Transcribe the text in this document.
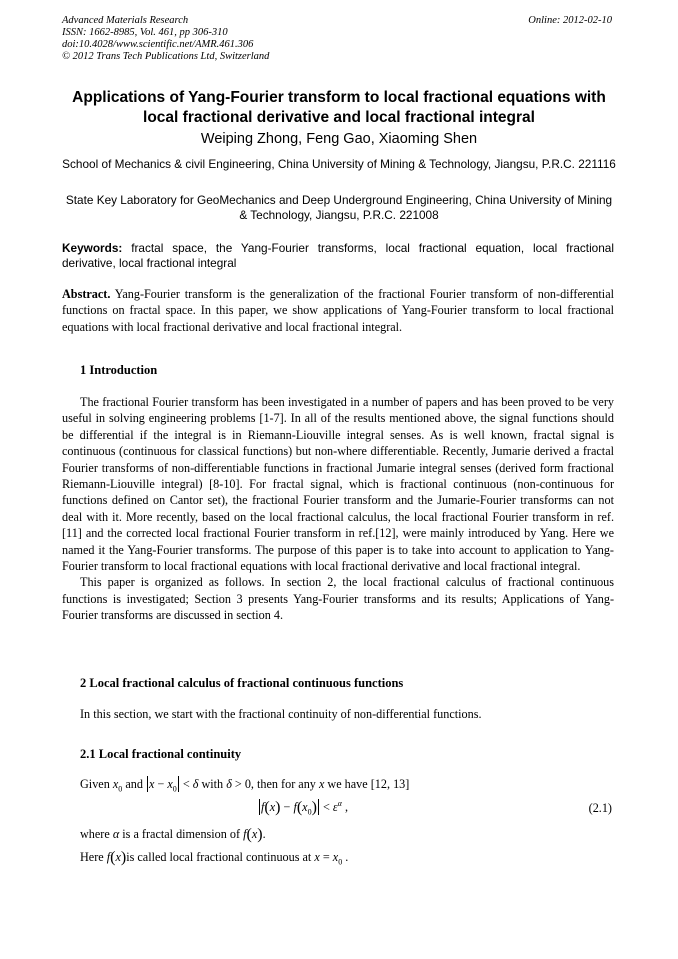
Advanced Materials Research
ISSN: 1662-8985, Vol. 461, pp 306-310
doi:10.4028/www.scientific.net/AMR.461.306
© 2012 Trans Tech Publications Ltd, Switzerland
Online: 2012-02-10
Applications of Yang-Fourier transform to local fractional equations with local fractional derivative and local fractional integral
Weiping Zhong, Feng Gao, Xiaoming Shen
School of Mechanics & civil Engineering, China University of Mining & Technology, Jiangsu, P.R.C. 221116
State Key Laboratory for GeoMechanics and Deep Underground Engineering, China University of Mining & Technology, Jiangsu, P.R.C. 221008
Keywords: fractal space, the Yang-Fourier transforms, local fractional equation, local fractional derivative, local fractional integral
Abstract. Yang-Fourier transform is the generalization of the fractional Fourier transform of non-differential functions on fractal space. In this paper, we show applications of Yang-Fourier transform to local fractional equations with local fractional derivative and local fractional integral.
1 Introduction

The fractional Fourier transform has been investigated in a number of papers and has been proved to be very useful in solving engineering problems [1-7]. In all of the results mentioned above, the signal functions should be differential if the integral is in Riemann-Liouville integral senses. As is well known, fractal signal is continuous (continuous for classical functions) but non-where differentiable. Recently, Jumarie derived a fractal Fourier transforms of non-differentiable functions in fractional Jumarie integral senses (derived form fractional Riemann-Liouville integral) [8-10]. For fractal signal, which is fractional continuous (non-continuous for functions defined on Cantor set), the fractional Fourier transform and the Jumarie-Fourier transforms can not deal with it. More recently, based on the local fractional calculus, the local fractional Fourier transform in ref. [11] and the corrected local fractional Fourier transform in ref.[12], were mainly introduced by Yang. Here we named it the Yang-Fourier transforms. The purpose of this paper is to take into account to application to Yang-Fourier transform to local fractional equations with local fractional derivative and local fractional integral.

This paper is organized as follows. In section 2, the local fractional calculus of fractional continuous functions is investigated; Section 3 presents Yang-Fourier transforms and its results; Applications of Yang-Fourier transforms are discussed in section 4.

2 Local fractional calculus of fractional continuous functions
In this section, we start with the fractional continuity of non-differential functions.
2.1 Local fractional continuity
Given $x_0$ and $x - x_0 < \delta$ with δ > 0, then for any x we have [12, 13]
$f(x) - f(x_0) < \varepsilon^\alpha$ ,	(2.1)
where α is a fractal dimension of f(x).
Here f(x)is called local fractional continuous at $x = x_0$ .
